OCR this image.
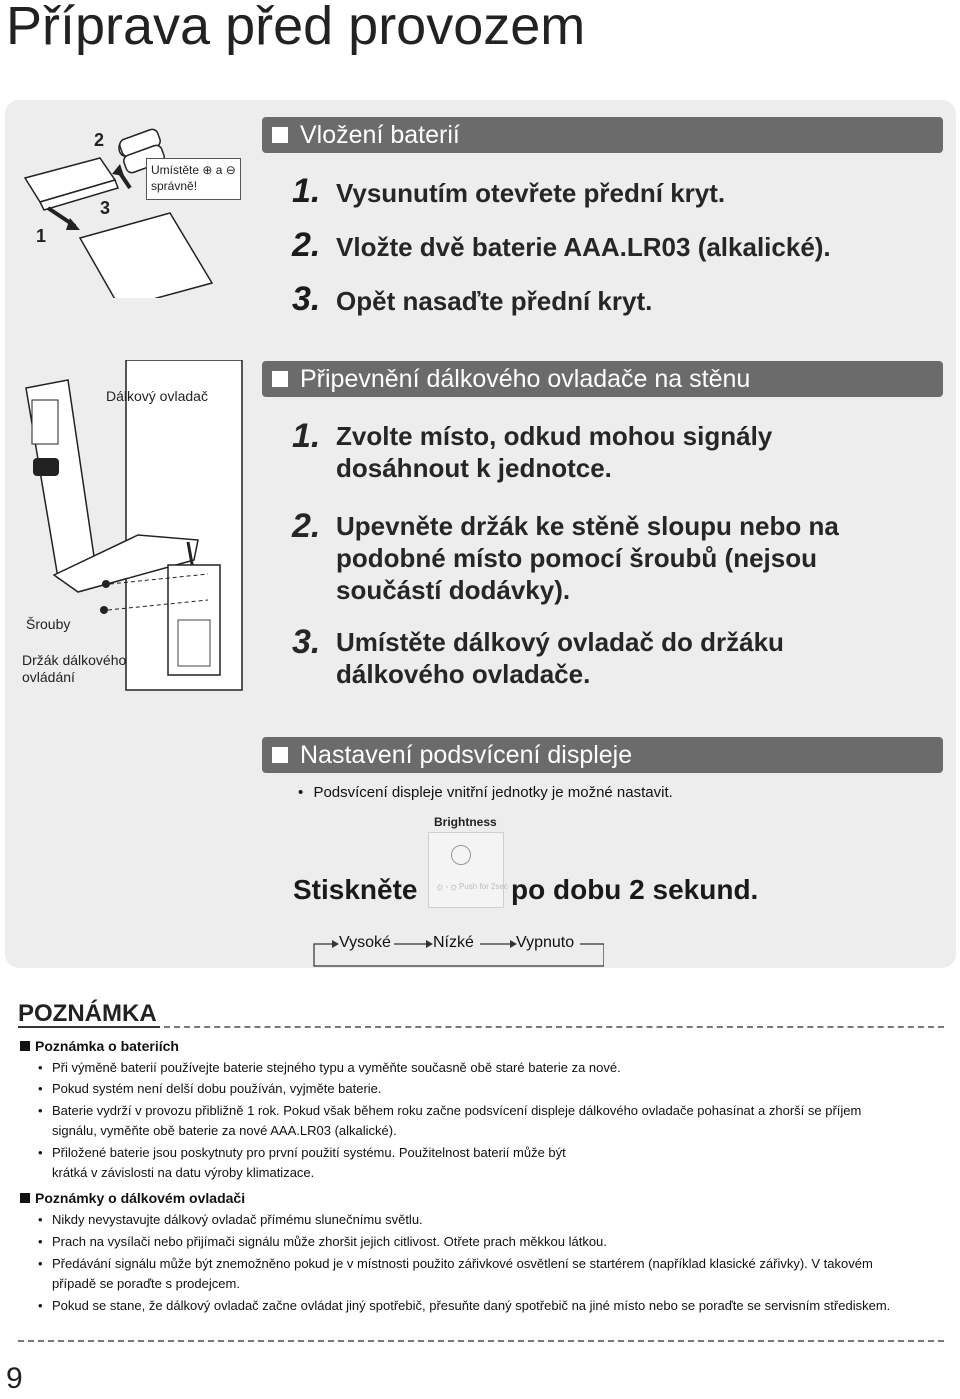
Příprava před provozem
2
3
1
Umístěte ⊕ a ⊖ správně!
Vložení baterií
1. Vysunutím otevřete přední kryt.
2. Vložte dvě baterie AAA.LR03 (alkalické).
3. Opět nasaďte přední kryt.
Dálkový ovladač
Šrouby
Držák dálkového ovládání
Připevnění dálkového ovladače na stěnu
1. Zvolte místo, odkud mohou signály dosáhnout k jednotce.
2. Upevněte držák ke stěně sloupu nebo na podobné místo pomocí šroubů (nejsou součástí dodávky).
3. Umístěte dálkový ovladač do držáku dálkového ovladače.
Nastavení podsvícení displeje
• Podsvícení displeje vnitřní jednotky je možné nastavit.
Brightness
☼·☼ Push for 2sec
Stiskněte	po dobu 2 sekund.
Vysoké	Nízké	Vypnuto
POZNÁMKA
Poznámka o bateriích
• Při výměně baterií používejte baterie stejného typu a vyměňte současně obě staré baterie za nové.
• Pokud systém není delší dobu používán, vyjměte baterie.
• Baterie vydrží v provozu přibližně 1 rok. Pokud však během roku začne podsvícení displeje dálkového ovladače pohasínat a zhorší se příjem signálu, vyměňte obě baterie za nové AAA.LR03 (alkalické).
• Přiložené baterie jsou poskytnuty pro první použití systému. Použitelnost baterií může být krátká v závislosti na datu výroby klimatizace.
Poznámky o dálkovém ovladači
• Nikdy nevystavujte dálkový ovladač přímému slunečnímu světlu.
• Prach na vysílači nebo přijímači signálu může zhoršit jejich citlivost. Otřete prach měkkou látkou.
• Předávání signálu může být znemožněno pokud je v místnosti použito zářivkové osvětlení se startérem (například klasické zářivky). V takovém případě se poraďte s prodejcem.
• Pokud se stane, že dálkový ovladač začne ovládat jiný spotřebič, přesuňte daný spotřebič na jiné místo nebo se poraďte se servisním střediskem.
9
